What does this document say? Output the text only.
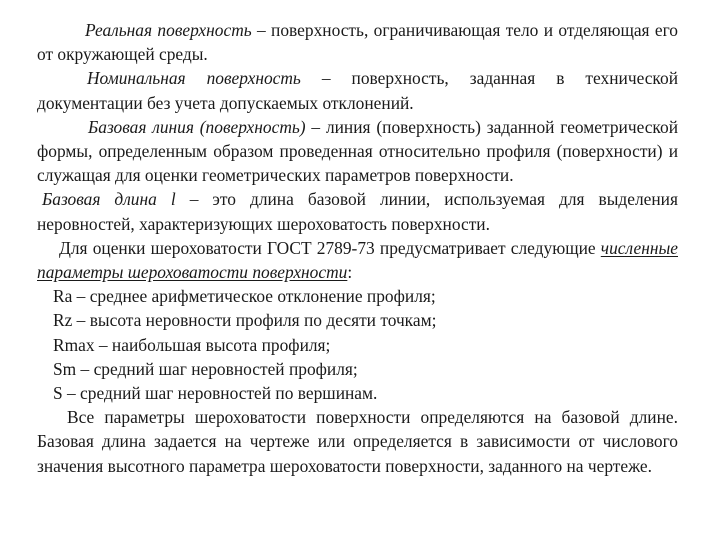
Реальная поверхность – поверхность, ограничивающая тело и отделяющая его от окружающей среды.

Номинальная поверхность – поверхность, заданная в технической документации без учета допускаемых отклонений.

Базовая линия (поверхность) – линия (поверхность) заданной геометрической формы, определенным образом проведенная относительно профиля (поверхности) и служащая для оценки геометрических параметров поверхности.

Базовая длина l – это длина базовой линии, используемая для выделения неровностей, характеризующих шероховатость поверхности.

Для оценки шероховатости ГОСТ 2789-73 предусматривает следующие численные параметры шероховатости поверхности:

Ra – среднее арифметическое отклонение профиля;

Rz – высота неровности профиля по десяти точкам;

Rmax – наибольшая высота профиля;

Sm – средний шаг неровностей профиля;

S – средний шаг неровностей по вершинам.

Все параметры шероховатости поверхности определяются на базовой длине. Базовая длина задается на чертеже или определяется в зависимости от числового значения высотного параметра шероховатости поверхности, заданного на чертеже.
